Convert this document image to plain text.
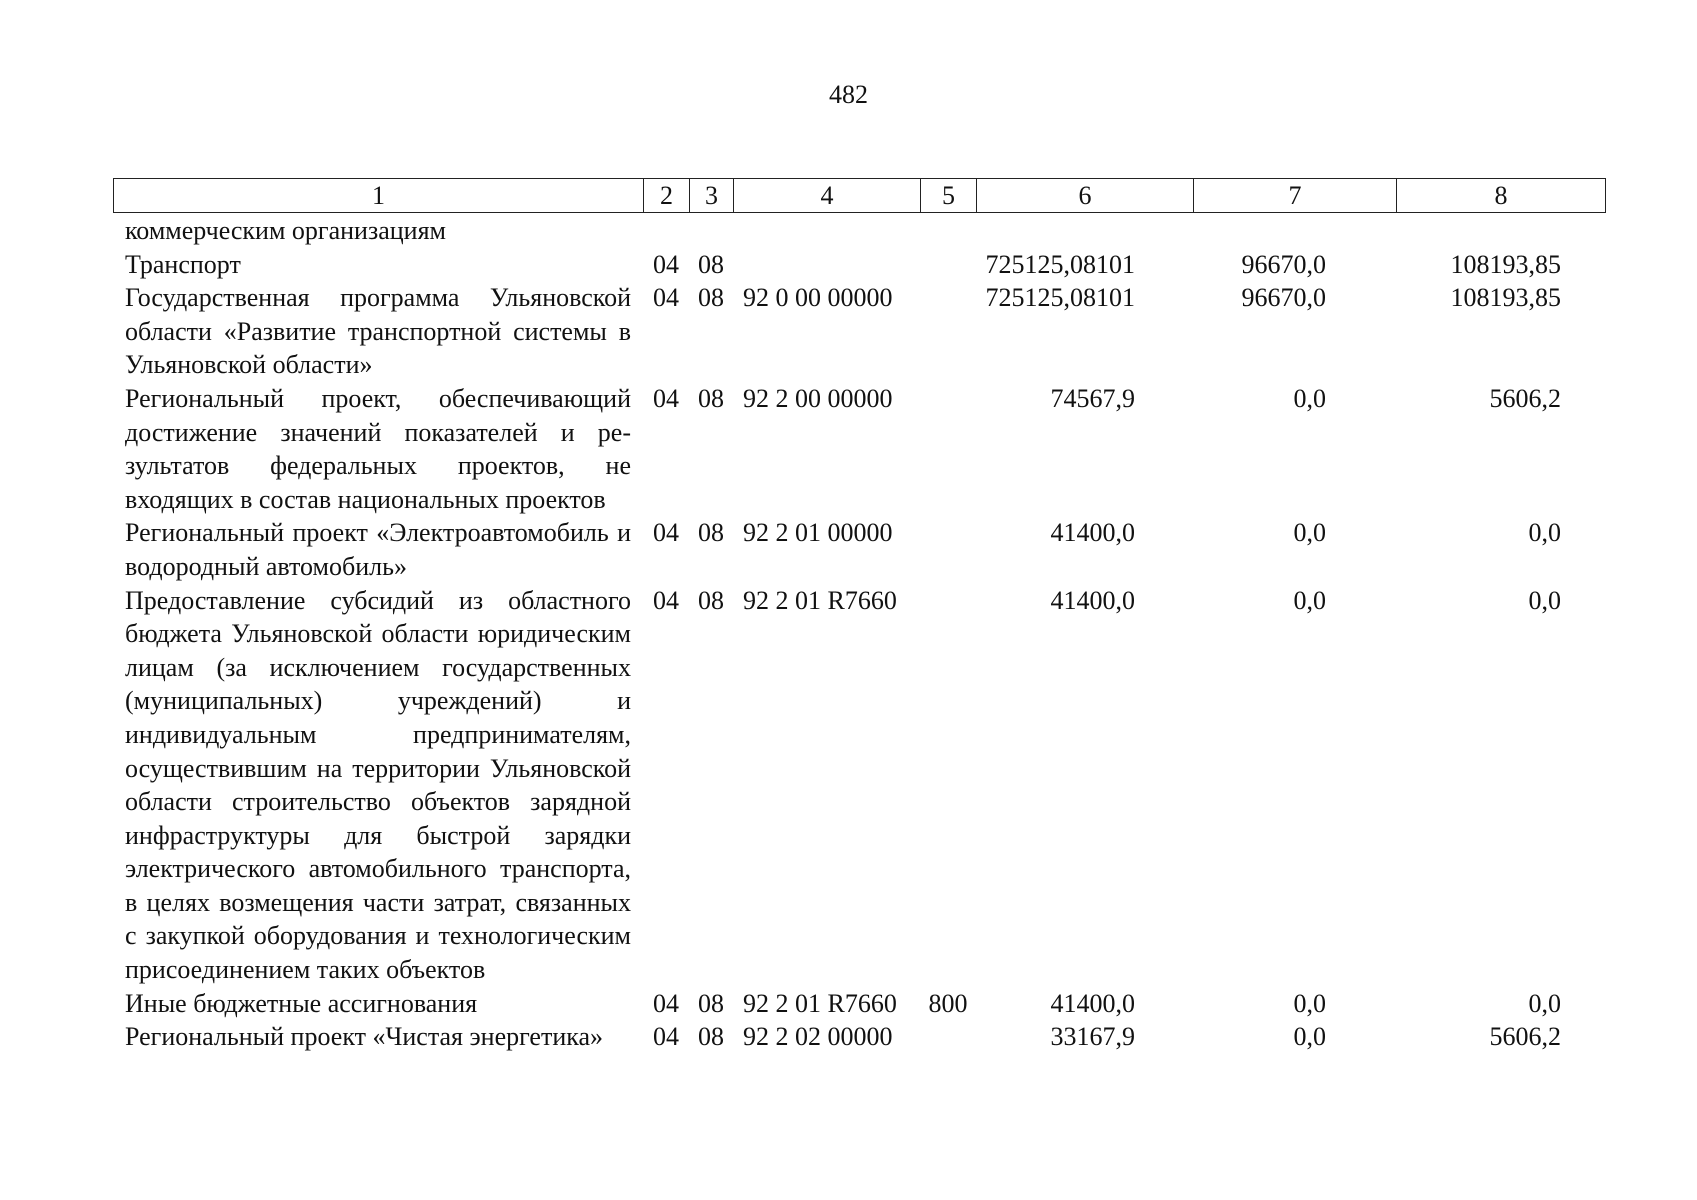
482
1	2	3	4	5	6	7	8
коммерческим организациям							
Транспорт	04	08			725125,08101	96670,0	108193,85
Государственная программа Ульяновской области «Развитие транспортной системы в Ульяновской области»	04	08	92 0 00 00000		725125,08101	96670,0	108193,85
Региональный проект, обеспечивающий достижение значений показателей и результатов федеральных проектов, не входящих в состав национальных проектов	04	08	92 2 00 00000		74567,9	0,0	5606,2
Региональный проект «Электроавтомобиль и водородный автомобиль»	04	08	92 2 01 00000		41400,0	0,0	0,0
Предоставление субсидий из областного бюджета Ульяновской области юридическим лицам (за исключением государственных (муниципальных) учреждений) и индивидуальным предпринимателям, осуществившим на территории Ульяновской области строительство объектов зарядной инфраструктуры для быстрой зарядки электрического автомобильного транспорта, в целях возмещения части затрат, связанных с закупкой оборудования и технологическим присоединением таких объектов	04	08	92 2 01 R7660		41400,0	0,0	0,0
Иные бюджетные ассигнования	04	08	92 2 01 R7660	800	41400,0	0,0	0,0
Региональный проект «Чистая энергетика»	04	08	92 2 02 00000		33167,9	0,0	5606,2
